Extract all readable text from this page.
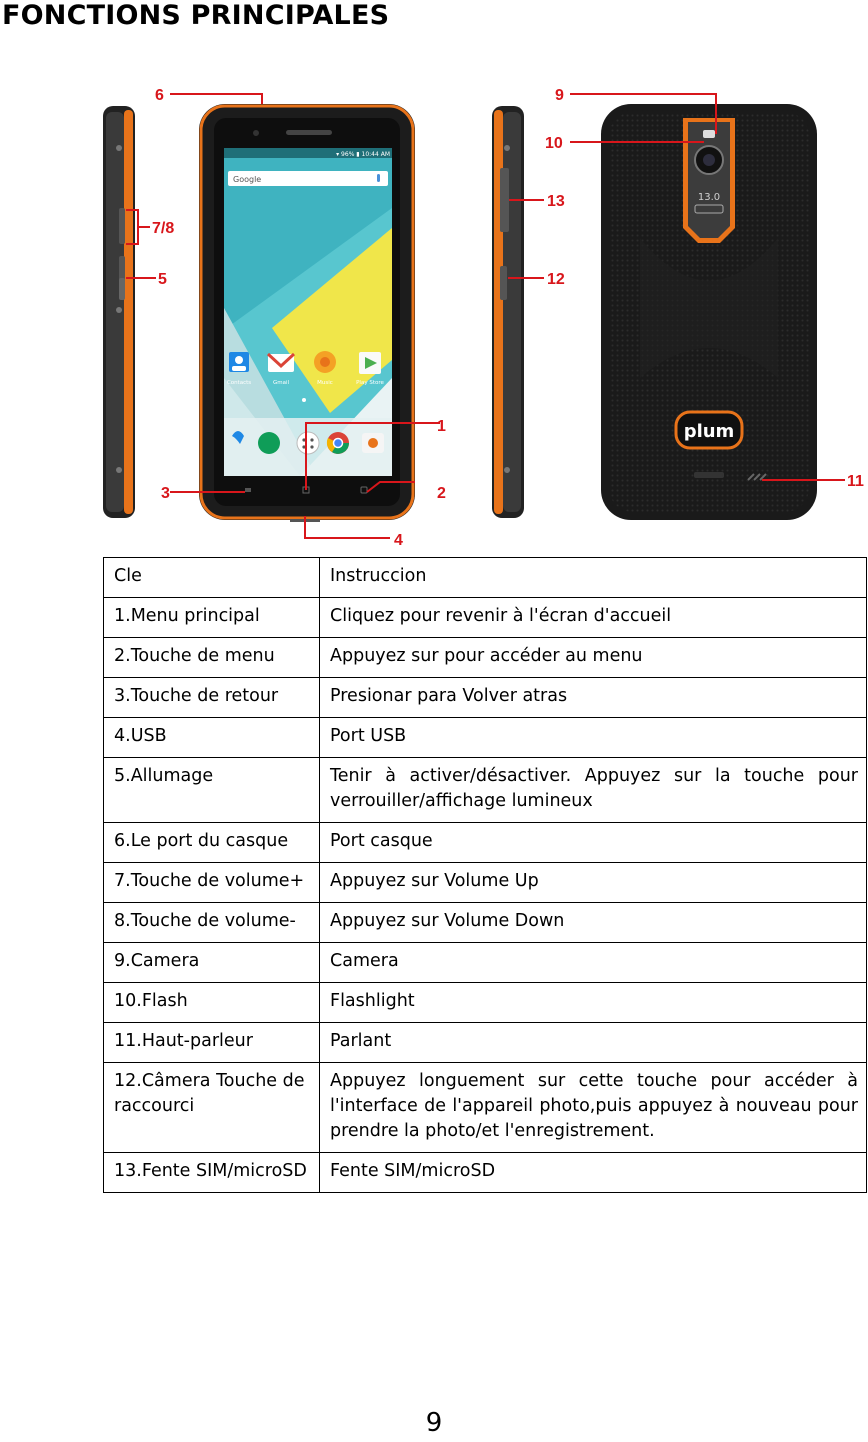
FONCTIONS PRINCIPALES
▾ 96% ▮ 10:44 AM
Google
Contacts	Gmail	Music	Play Store
13.0
plum
1
2
3
4
5
6
7/8
9
10
11
12
13
Cle	Instruccion
1.Menu principal	Cliquez pour revenir à l'écran d'accueil
2.Touche de menu	Appuyez sur pour accéder au menu
3.Touche de retour	Presionar para Volver atras
4.USB	Port USB
5.Allumage	Tenir à activer/désactiver. Appuyez sur la touche pour verrouiller/affichage lumineux
6.Le port du casque	Port casque
7.Touche de volume+	Appuyez sur Volume Up
8.Touche de volume-	Appuyez sur Volume Down
9.Camera	Camera
10.Flash	Flashlight
11.Haut-parleur	Parlant
12.Câmera Touche de raccourci	Appuyez longuement sur cette touche pour accéder à l'interface de l'appareil photo,puis appuyez à nouveau pour prendre la photo/et l'enregistrement.
13.Fente SIM/microSD	Fente SIM/microSD
9
